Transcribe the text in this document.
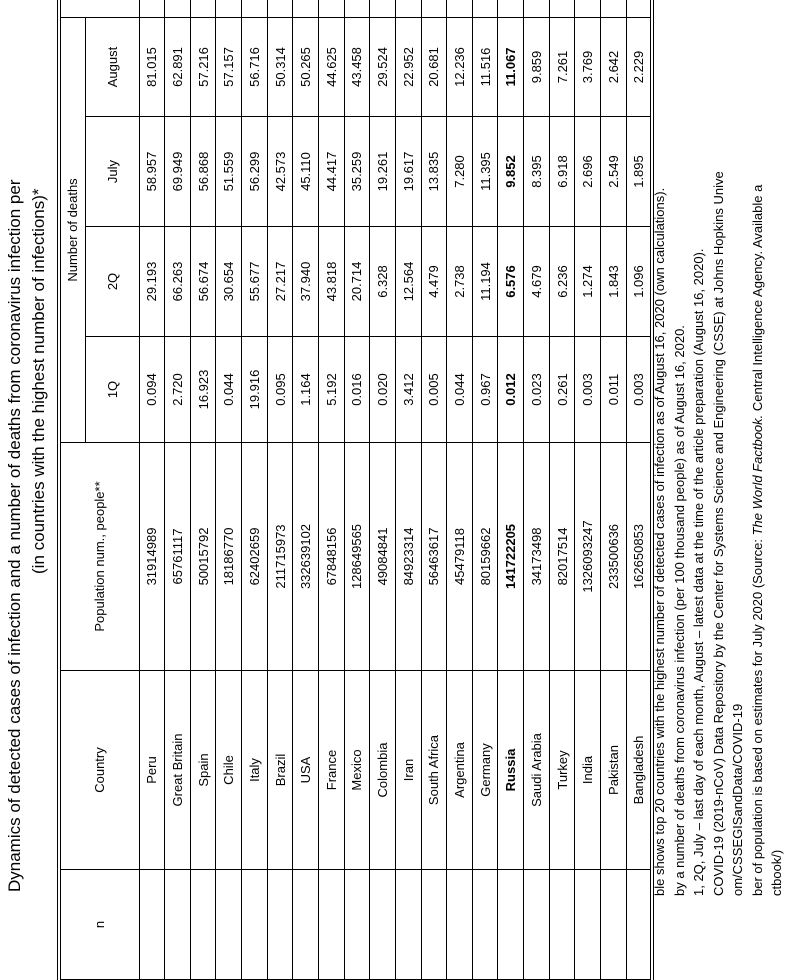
Dynamics of detected cases of infection and a number of deaths from coronavirus infection per (in countries with the highest number of infections)*
n	Country	Population num., people**	Number of deaths				
			1Q	2Q	July	August	
	Peru	31914989	0.094	29.193	58.957	81.015	
	Great Britain	65761117	2.720	66.263	69.949	62.891	
	Spain	50015792	16.923	56.674	56.868	57.216	
	Chile	18186770	0.044	30.654	51.559	57.157	
	Italy	62402659	19.916	55.677	56.299	56.716	
	Brazil	211715973	0.095	27.217	42.573	50.314	
	USA	332639102	1.164	37.940	45.110	50.265	
	France	67848156	5.192	43.818	44.417	44.625	
	Mexico	128649565	0.016	20.714	35.259	43.458	
	Colombia	49084841	0.020	6.328	19.261	29.524	
	Iran	84923314	3.412	12.564	19.617	22.952	
	South Africa	56463617	0.005	4.479	13.835	20.681	
	Argentina	45479118	0.044	2.738	7.280	12.236	
	Germany	80159662	0.967	11.194	11.395	11.516	
	Russia	141722205	0.012	6.576	9.852	11.067	
	Saudi Arabia	34173498	0.023	4.679	8.395	9.859	
	Turkey	82017514	0.261	6.236	6.918	7.261	
	India	1326093247	0.003	1.274	2.696	3.769	
	Pakistan	233500636	0.011	1.843	2.549	2.642	
	Bangladesh	162650853	0.003	1.096	1.895	2.229	
ble shows top 20 countries with the highest number of detected cases of infection as of August 16, 2020 (own calculations). by a number of deaths from coronavirus infection (per 100 thousand people) as of August 16, 2020. 1, 2Q, July – last day of each month, August – latest data at the time of the article preparation (August 16, 2020). COVID-19 (2019-nCoV) Data Repository by the Center for Systems Science and Engineering (CSSE) at Johns Hopkins Unive om/CSSEGISandData/COVID-19 ber of population is based on estimates for July 2020 (Source: The World Factbook. Central Intelligence Agency. Available a
ctbook/)
